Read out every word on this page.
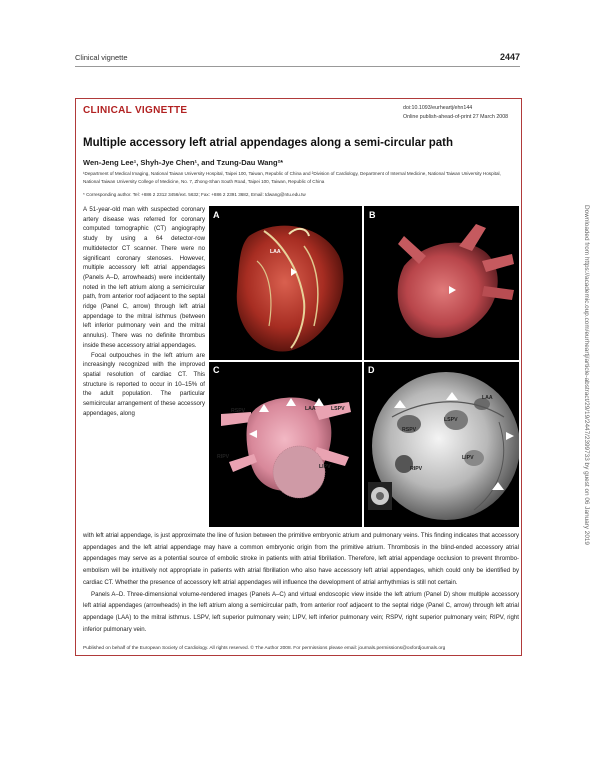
Clinical vignette	2447
CLINICAL VIGNETTE	doi:10.1093/eurheartj/ehn144
Online publish-ahead-of-print 27 March 2008
Multiple accessory left atrial appendages along a semi-circular path
Wen-Jeng Lee¹, Shyh-Jye Chen¹, and Tzung-Dau Wang²*
¹Department of Medical Imaging, National Taiwan University Hospital, Taipei 100, Taiwan, Republic of China and ²Division of Cardiology, Department of Internal Medicine, National Taiwan University Hospital, National Taiwan University College of Medicine, No. 7, Zhong-Shan South Road, Taipei 100, Taiwan, Republic of China
* Corresponding author. Tel: +886 2 2312 3456/ext. 5632; Fax: +886 2 2391 3682, Email: tdwang@ntu.edu.tw

A 51-year-old man with suspected coronary artery disease was referred for coronary computed tomographic (CT) angiography study by using a 64 detector-row multidetector CT scanner. There were no significant coronary stenoses. However, multiple accessory left atrial appendages (Panels A–D, arrowheads) were incidentally noted in the left atrium along a semicircular path, from anterior roof adjacent to the septal ridge (Panel C, arrow) through left atrial appendage to the mitral isthmus (between left inferior pulmonary vein and the mitral annulus). There was no definite thrombus inside these accessory atrial appendages.

Focal outpouches in the left atrium are increasingly recognized with the improved spatial resolution of cardiac CT. This structure is reported to occur in 10–15% of the adult population. The particular semicircular arrangement of these accessory appendages, along

A
LAA
B
C
RSPV	LAA	LSPV
RIPV
LIPV
D
LAA
LSPV
RSPV
LIPV
RIPV

with left atrial appendage, is just approximate the line of fusion between the primitive embryonic atrium and pulmonary veins. This finding indicates that accessory appendages and the left atrial appendage may have a common embryonic origin from the primitive atrium. Thrombosis in the blind-ended accessory atrial appendages may serve as a potential source of embolic stroke in patients with atrial fibrillation. Therefore, left atrial appendage occlusion to prevent thrombo-embolism will be intuitively not appropriate in patients with atrial fibrillation who also have accessory left atrial appendages, which could only be identified by cardiac CT. Whether the presence of accessory left atrial appendages will influence the development of atrial arrhythmias is still not certain.

Panels A–D. Three-dimensional volume-rendered images (Panels A–C) and virtual endoscopic view inside the left atrium (Panel D) show multiple accessory left atrial appendages (arrowheads) in the left atrium along a semicircular path, from anterior roof adjacent to the septal ridge (Panel C, arrow) through left atrial appendage (LAA) to the mitral isthmus. LSPV, left superior pulmonary vein; LIPV, left inferior pulmonary vein; RSPV, right superior pulmonary vein; RIPV, right inferior pulmonary vein.

Published on behalf of the European Society of Cardiology. All rights reserved. © The Author 2008. For permissions please email: journals.permissions@oxfordjournals.org
Downloaded from https://academic.oup.com/eurheartj/article-abstract/29/19/2447/2399733 by guest on 06 January 2019
